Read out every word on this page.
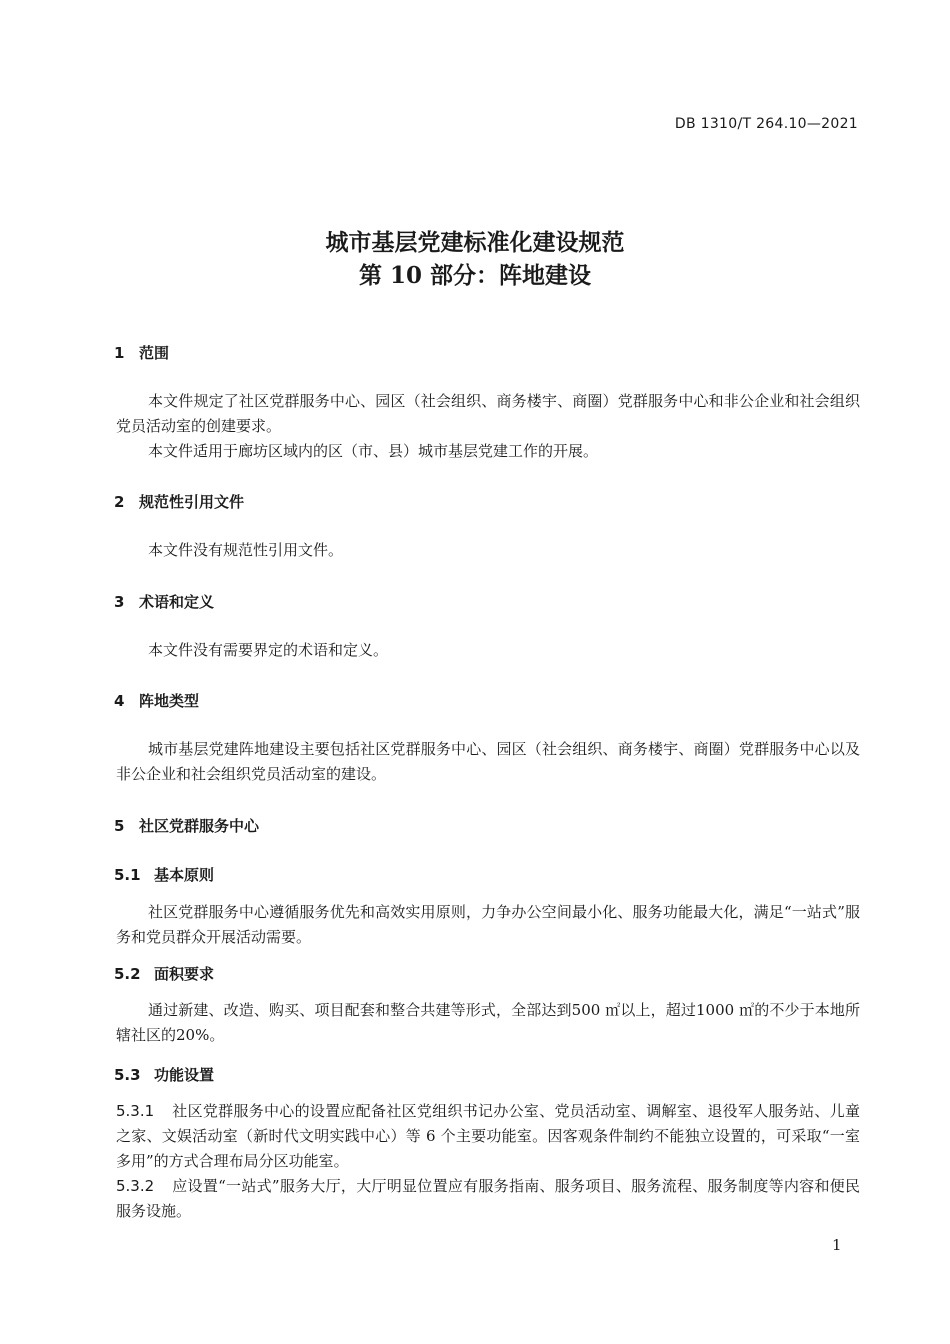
DB 1310/T 264.10—2021
城市基层党建标准化建设规范
第 10 部分：阵地建设
1 范围

本文件规定了社区党群服务中心、园区（社会组织、商务楼宇、商圈）党群服务中心和非公企业和社会组织党员活动室的创建要求。

本文件适用于廊坊区域内的区（市、县）城市基层党建工作的开展。

2 规范性引用文件

本文件没有规范性引用文件。

3 术语和定义

本文件没有需要界定的术语和定义。

4 阵地类型

城市基层党建阵地建设主要包括社区党群服务中心、园区（社会组织、商务楼宇、商圈）党群服务中心以及非公企业和社会组织党员活动室的建设。

5 社区党群服务中心
5.1 基本原则

社区党群服务中心遵循服务优先和高效实用原则，力争办公空间最小化、服务功能最大化，满足“一站式”服务和党员群众开展活动需要。

5.2 面积要求

通过新建、改造、购买、项目配套和整合共建等形式，全部达到500 ㎡以上，超过1000 ㎡的不少于本地所辖社区的20%。

5.3 功能设置

5.3.1 社区党群服务中心的设置应配备社区党组织书记办公室、党员活动室、调解室、退役军人服务站、儿童之家、文娱活动室（新时代文明实践中心）等 6 个主要功能室。因客观条件制约不能独立设置的，可采取“一室多用”的方式合理布局分区功能室。

5.3.2 应设置“一站式”服务大厅，大厅明显位置应有服务指南、服务项目、服务流程、服务制度等内容和便民服务设施。

1
